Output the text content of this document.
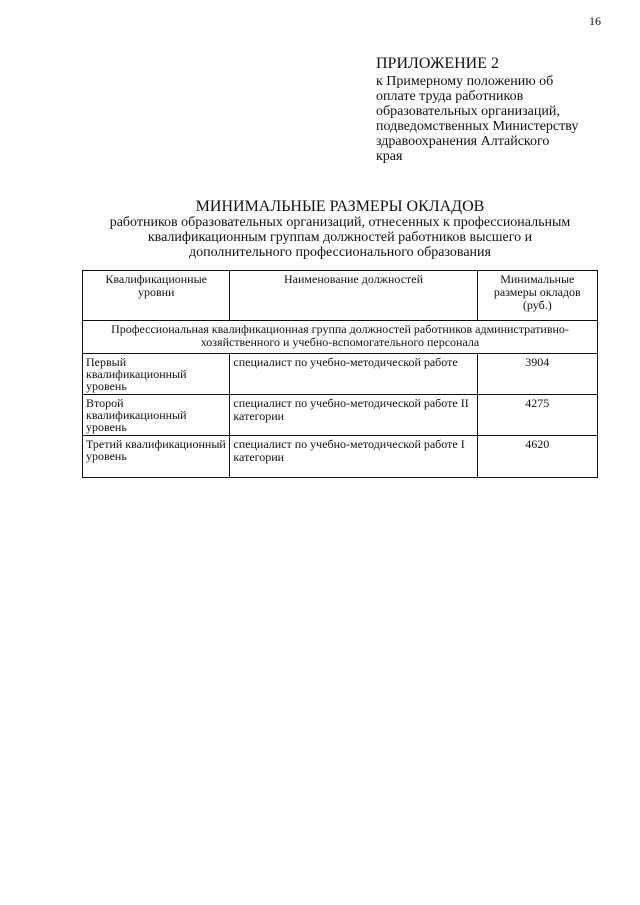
16
ПРИЛОЖЕНИЕ 2
к Примерному положению об
оплате труда работников
образовательных организаций,
подведомственных Министерству
здравоохранения Алтайского
края
МИНИМАЛЬНЫЕ РАЗМЕРЫ ОКЛАДОВ
работников образовательных организаций, отнесенных к профессиональным
квалификационным группам должностей работников высшего и
дополнительного профессионального образования
Квалификационные уровни	Наименование должностей	Минимальные размеры окладов (руб.)
Профессиональная квалификационная группа должностей работников административно-хозяйственного и учебно-вспомогательного персонала		
Первый квалификационный уровень	специалист по учебно-методической работе	3904
Второй квалификационный уровень	специалист по учебно-методической работе II категории	4275
Третий квалификационный уровень	специалист по учебно-методической работе I категории	4620
